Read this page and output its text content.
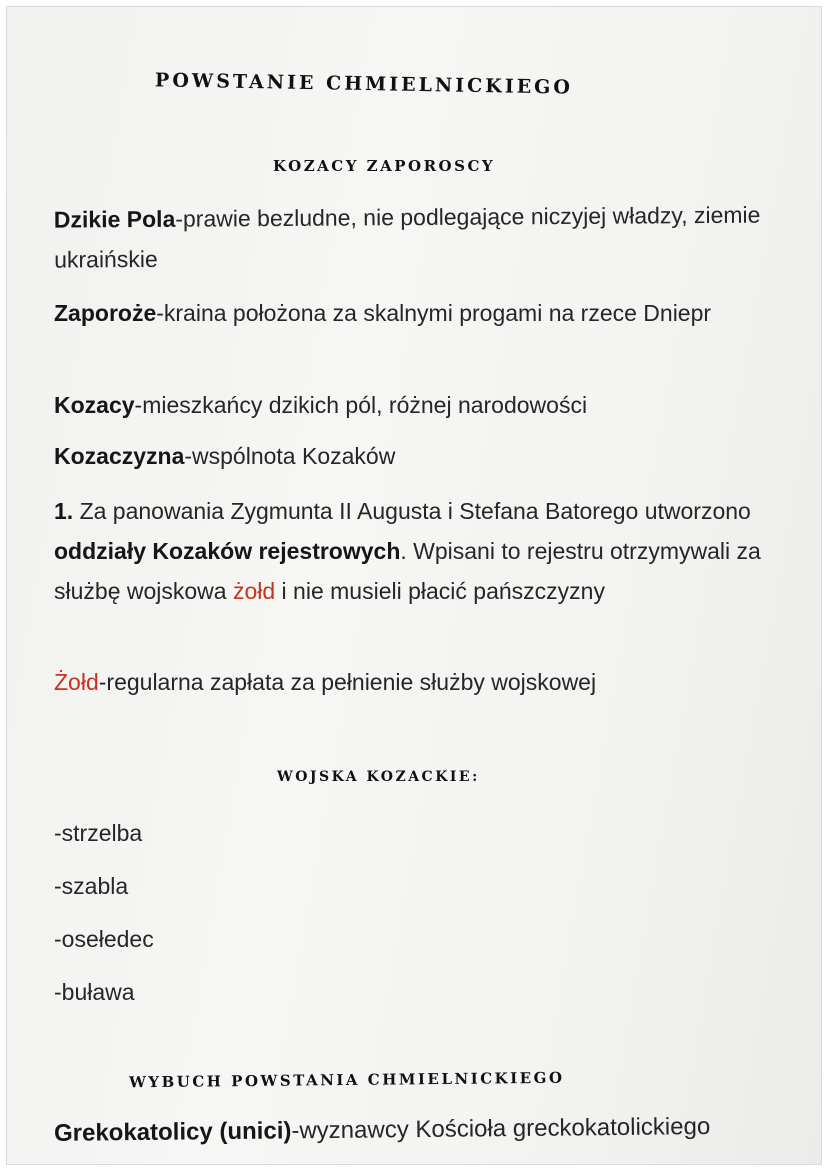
POWSTANIE CHMIELNICKIEGO
KOZACY ZAPOROSCY
Dzikie Pola-prawie bezludne, nie podlegające niczyjej władzy, ziemie ukraińskie
Zaporoże-kraina położona za skalnymi progami na rzece Dniepr
Kozacy-mieszkańcy dzikich pól, różnej narodowości
Kozaczyzna-wspólnota Kozaków
1. Za panowania Zygmunta II Augusta i Stefana Batorego utworzono oddziały Kozaków rejestrowych. Wpisani to rejestru otrzymywali za służbę wojskowa żołd i nie musieli płacić pańszczyzny
Żołd-regularna zapłata za pełnienie służby wojskowej
WOJSKA KOZACKIE:
-strzelba
-szabla
-osełedec
-buława
WYBUCH POWSTANIA CHMIELNICKIEGO
Grekokatolicy (unici)-wyznawcy Kościoła greckokatolickiego
